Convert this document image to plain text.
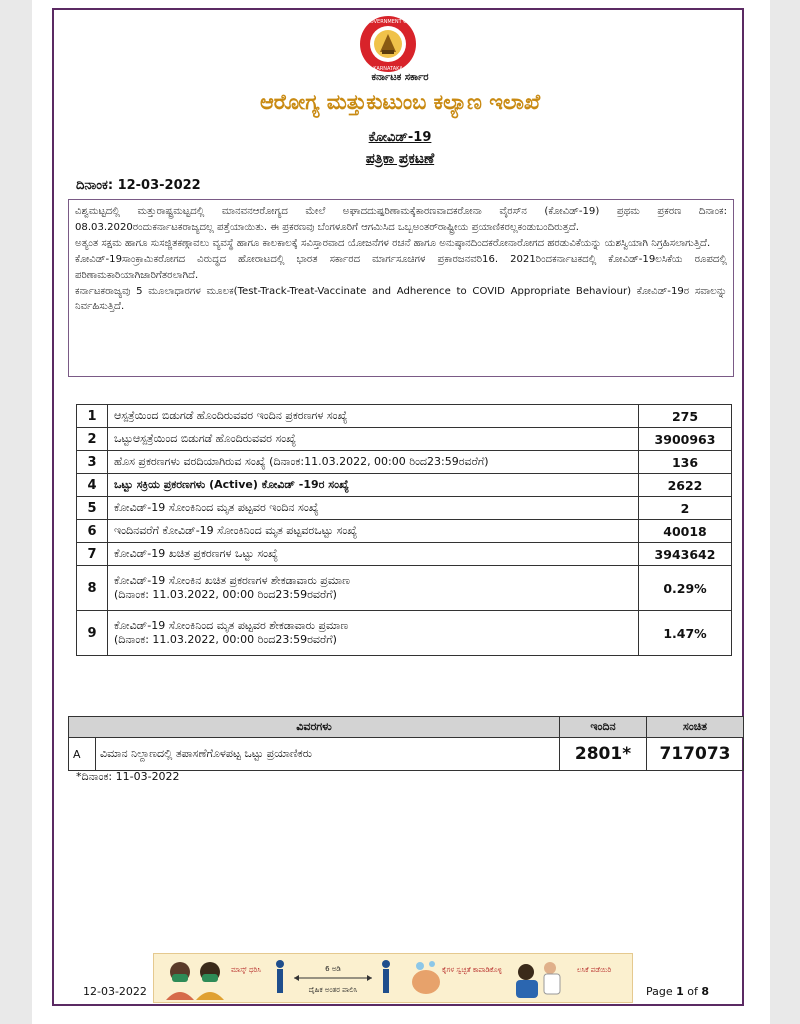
GOVERNMENT OF
KARNATAKA
ಕರ್ನಾಟಕ ಸರ್ಕಾರ
ಆರೋಗ್ಯ ಮತ್ತುಕುಟುಂಬ ಕಲ್ಯಾಣ ಇಲಾಖೆ
ಕೋವಿಡ್-19
ಪತ್ರಿಕಾ ಪ್ರಕಟಣೆ
ದಿನಾಂಕ: 12-03-2022

ವಿಶ್ವಮಟ್ಟದಲ್ಲಿ ಮತ್ತುರಾಷ್ಟ್ರಮಟ್ಟದಲ್ಲಿ ಮಾನವನಆರೋಗ್ಯದ ಮೇಲೆ ಅಘಾದದುಷ್ಪರಿಣಾಮಕ್ಕೆಕಾರಣವಾದಕರೋನಾ ವೈರಸ್‌ನ (ಕೋವಿಡ್-19) ಪ್ರಥಮ ಪ್ರಕರಣ ದಿನಾಂಕ: 08.03.2020ರಂದುಕರ್ನಾಟಕರಾಜ್ಯದಲ್ಲ ಪತ್ತೆಯಾಯಿತು. ಈ ಪ್ರಕರಣವು ಬೆಂಗಳೂರಿಗೆ ಆಗಮಿಸಿದ ಒಬ್ಬಅಂತರ್‌ರಾಷ್ಟ್ರೀಯ ಪ್ರಯಾಣಿಕರಲ್ಲಕಂಡುಬಂದಿರುತ್ತದೆ.

ಅತ್ಯಂತ ಸಕ್ಷಮ ಹಾಗೂ ಸುಸಜ್ಜಿತಕಣ್ಗಾವಲು ವ್ಯವಸ್ಥೆ ಹಾಗೂ ಕಾಲಕಾಲಕ್ಕೆ ಸವಿಸ್ತಾರವಾದ ಯೋಜನೆಗಳ ರಚನೆ ಹಾಗೂ ಅನುಷ್ಠಾನದಿಂದಕರೋನಾರೋಗದ ಹರಡುವಿಕೆಯನ್ನು ಯಶಸ್ವಿಯಾಗಿ ನಿಗ್ರಹಿಸಲಾಗುತ್ತಿದೆ.

ಕೋವಿಡ್-19ಸಾಂಕ್ರಾಮಿಕರೋಗದ ವಿರುದ್ಧದ ಹೋರಾಟದಲ್ಲಿ ಭಾರತ ಸರ್ಕಾರದ ಮಾರ್ಗಸೂಚಿಗಳ ಪ್ರಕಾರಜನವರಿ16. 2021ರಿಂದಕರ್ನಾಟಕದಲ್ಲಿ ಕೋವಿಡ್-19ಲಸಿಕೆಯ ರೂಪದಲ್ಲಿ ಪರಿಣಾಮಕಾರಿಯಾಗಿಜಾರಿಗೆತರಲಾಗಿದೆ.

ಕರ್ನಾಟಕರಾಜ್ಯವು 5 ಮೂಲಾಧಾರಗಳ ಮೂಲಕ(Test-Track-Treat-Vaccinate and Adherence to COVID Appropriate Behaviour) ಕೋವಿಡ್-19ರ ಸವಾಲನ್ನು ನಿರ್ವಹಿಸುತ್ತಿದೆ.

1	ಆಸ್ಪತ್ರೆಯಿಂದ ಬಿಡುಗಡೆ ಹೊಂದಿರುವವರ ಇಂದಿನ ಪ್ರಕರಣಗಳ ಸಂಖ್ಯೆ	275
2	ಒಟ್ಟುಆಸ್ಪತ್ರೆಯಿಂದ ಬಿಡುಗಡೆ ಹೊಂದಿರುವವರ ಸಂಖ್ಯೆ	3900963
3	ಹೊಸ ಪ್ರಕರಣಗಳು ವರದಿಯಾಗಿರುವ ಸಂಖ್ಯೆ (ದಿನಾಂಕ:11.03.2022, 00:00 ರಿಂದ23:59ರವರೆಗೆ)	136
4	ಒಟ್ಟು ಸಕ್ರಿಯ ಪ್ರಕರಣಗಳು (Active) ಕೋವಿಡ್ -19ರ ಸಂಖ್ಯೆ	2622
5	ಕೋವಿಡ್-19 ಸೋಂಕಿನಿಂದ ಮೃತ ಪಟ್ಟವರ ಇಂದಿನ ಸಂಖ್ಯೆ	2
6	ಇಂದಿನವರೆಗೆ ಕೋವಿಡ್-19 ಸೋಂಕಿನಿಂದ ಮೃತ ಪಟ್ಟವರಒಟ್ಟು ಸಂಖ್ಯೆ	40018
7	ಕೋವಿಡ್-19 ಖಚಿತ ಪ್ರಕರಣಗಳ ಒಟ್ಟು ಸಂಖ್ಯೆ	3943642
8	ಕೋವಿಡ್-19 ಸೋಂಕಿನ ಖಚಿತ ಪ್ರಕರಣಗಳ ಶೇಕಡಾವಾರು ಪ್ರಮಾಣ
(ದಿನಾಂಕ: 11.03.2022, 00:00 ರಿಂದ23:59ರವರೆಗೆ)	0.29%
9	ಕೋವಿಡ್-19 ಸೋಂಕಿನಿಂದ ಮೃತ ಪಟ್ಟವರ ಶೇಕಡಾವಾರು ಪ್ರಮಾಣ
(ದಿನಾಂಕ: 11.03.2022, 00:00 ರಿಂದ23:59ರವರೆಗೆ)	1.47%
ವಿವರಗಳು		ಇಂದಿನ	ಸಂಚಿತ
A	ವಿಮಾನ ನಿಲ್ದಾಣದಲ್ಲಿ ತಪಾಸಣೆಗೊಳಪಟ್ಟ ಒಟ್ಟು ಪ್ರಯಾಣಿಕರು	2801*	717073
*ದಿನಾಂಕ: 11-03-2022
ಮಾಸ್ಕ್ ಧರಿಸಿ	6 ಅಡಿ
ದೈಹಿಕ ಅಂತರ ಪಾಲಿಸಿ
ಕೈಗಳ ಸ್ವಚ್ಛತೆ ಕಾಪಾಡಿಕೊಳ್ಳಿ	ಲಸಿಕೆ ಪಡೆಯಿರಿ
12-03-2022	Page 1 of 8
